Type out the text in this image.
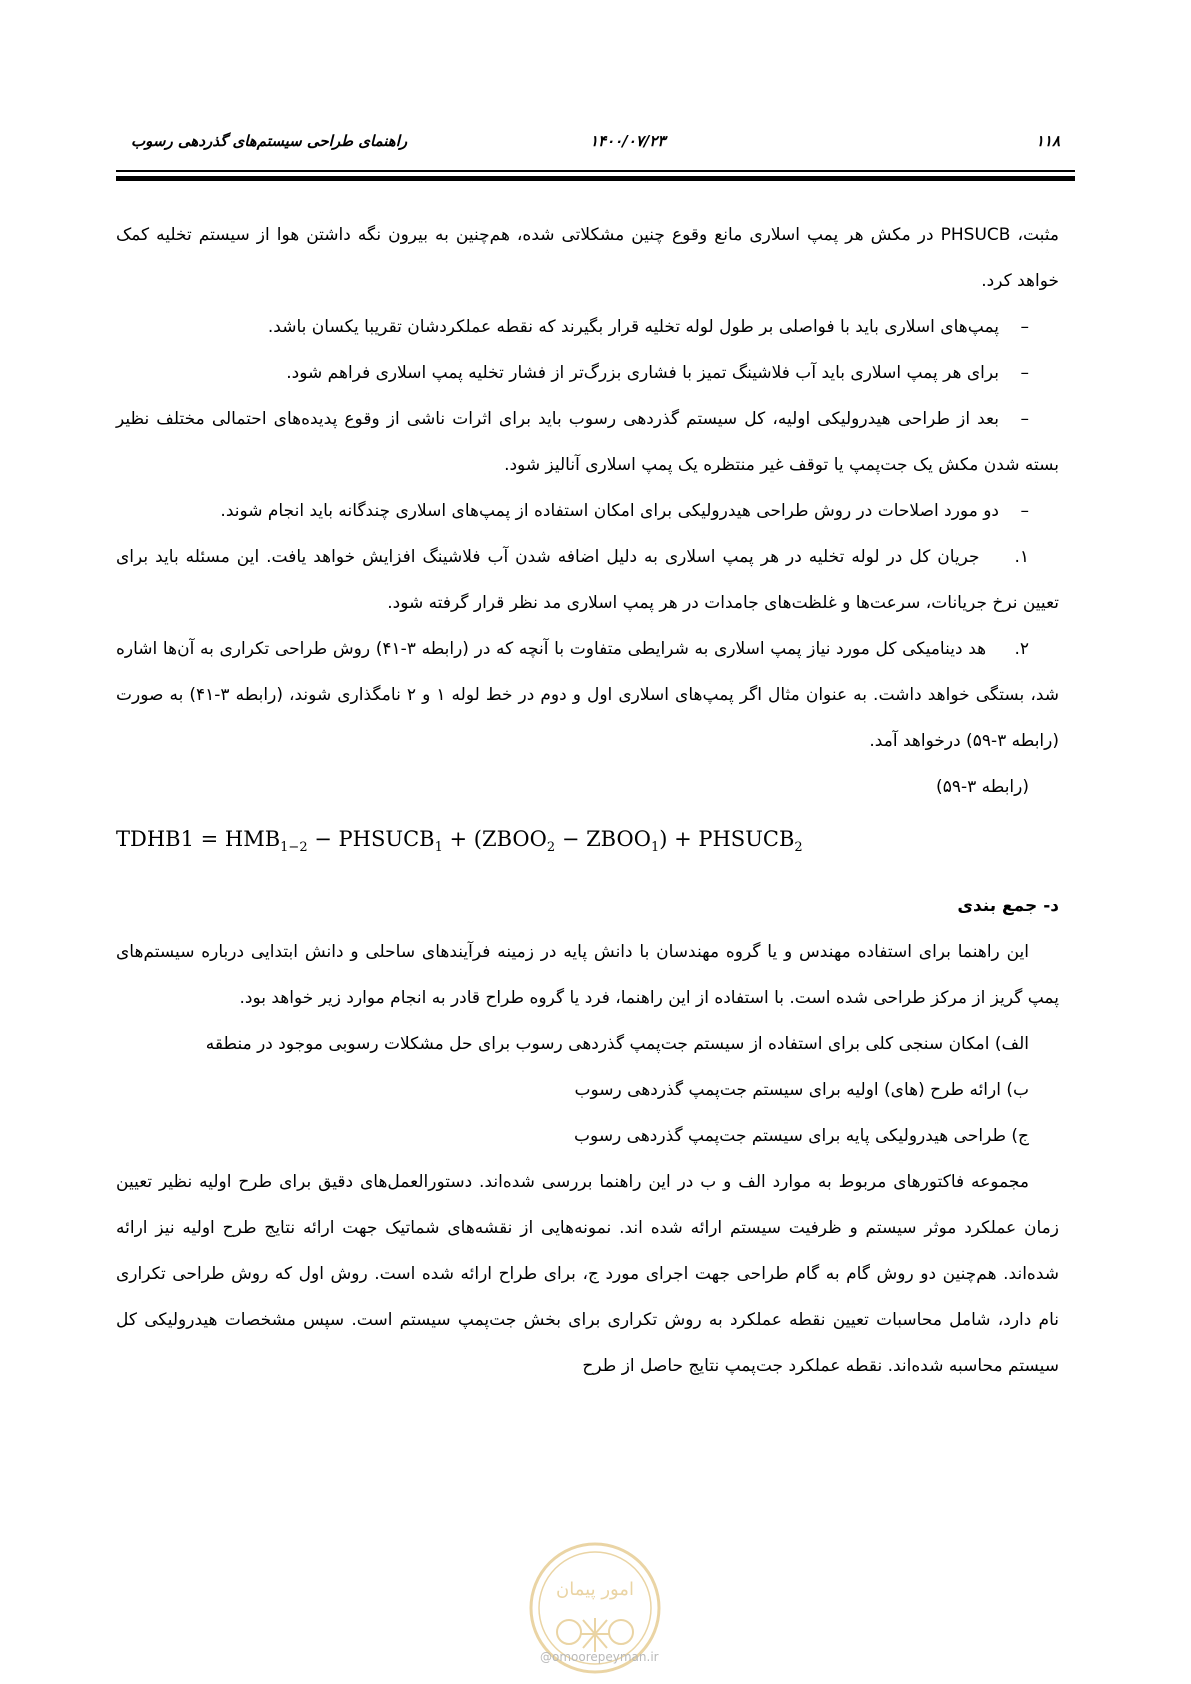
۱۱۸
۱۴۰۰/۰۷/۲۳
راهنمای طراحی سیستم‌های گذردهی رسوب

مثبت، PHSUCB در مکش هر پمپ اسلاری مانع وقوع چنین مشکلاتی شده، هم‌چنین به بیرون نگه داشتن هوا از سیستم تخلیه کمک خواهد کرد.

–پمپ‌های اسلاری باید با فواصلی بر طول لوله تخلیه قرار بگیرند که نقطه عملکردشان تقریبا یکسان باشد.

–برای هر پمپ اسلاری باید آب فلاشینگ تمیز با فشاری بزرگ‌تر از فشار تخلیه پمپ اسلاری فراهم شود.

–بعد از طراحی هیدرولیکی اولیه، کل سیستم گذردهی رسوب باید برای اثرات ناشی از وقوع پدیده‌های احتمالی مختلف نظیر بسته شدن مکش یک جت‌پمپ یا توقف غیر منتظره یک پمپ اسلاری آنالیز شود.

–دو مورد اصلاحات در روش طراحی هیدرولیکی برای امکان استفاده از پمپ‌های اسلاری چندگانه باید انجام شوند.

۱.     جریان کل در لوله تخلیه در هر پمپ اسلاری به دلیل اضافه شدن آب فلاشینگ افزایش خواهد یافت. این مسئله باید برای تعیین نرخ جریانات، سرعت‌ها و غلظت‌های جامدات در هر پمپ اسلاری مد نظر قرار گرفته شود.

۲.     هد دینامیکی کل مورد نیاز پمپ اسلاری به شرایطی متفاوت با آنچه که در (رابطه ۳-۴۱) روش طراحی تکراری به آن‌ها اشاره شد، بستگی خواهد داشت. به عنوان مثال اگر پمپ‌های اسلاری اول و دوم در خط لوله ۱ و ۲ نامگذاری شوند، (رابطه ۳-۴۱) به صورت (رابطه ۳-۵۹) درخواهد آمد.

(رابطه ۳-۵۹)

TDHB1 = $HMB_{1-2}$ − $PHSUCB_1$ + ($ZBOO_2$ − $ZBOO_1$) + $PHSUCB_2$

د- جمع بندی

این راهنما برای استفاده مهندس و یا گروه مهندسان با دانش پایه در زمینه فرآیندهای ساحلی و دانش ابتدایی درباره سیستم‌های پمپ گریز از مرکز طراحی شده است. با استفاده از این راهنما، فرد یا گروه طراح قادر به انجام موارد زیر خواهد بود.

الف) امکان سنجی کلی برای استفاده از سیستم جت‌پمپ گذردهی رسوب برای حل مشکلات رسوبی موجود در منطقه

ب) ارائه طرح (های) اولیه برای سیستم جت‌پمپ گذردهی رسوب

ج) طراحی هیدرولیکی پایه برای سیستم جت‌پمپ گذردهی رسوب

مجموعه فاکتورهای مربوط به موارد الف و ب در این راهنما بررسی شده‌اند. دستورالعمل‌های دقیق برای طرح اولیه نظیر تعیین زمان عملکرد موثر سیستم و ظرفیت سیستم ارائه شده اند. نمونه‌هایی از نقشه‌های شماتیک جهت ارائه نتایج طرح اولیه نیز ارائه شده‌اند. هم‌چنین دو روش گام به گام طراحی جهت اجرای مورد ج، برای طراح ارائه شده است. روش اول که روش طراحی تکراری نام دارد، شامل محاسبات تعیین نقطه عملکرد به روش تکراری برای بخش جت‌پمپ سیستم است. سپس مشخصات هیدرولیکی کل سیستم محاسبه شده‌اند. نقطه عملکرد جت‌پمپ نتایج حاصل از طرح

امور پیمان
@omoorepeyman.ir
